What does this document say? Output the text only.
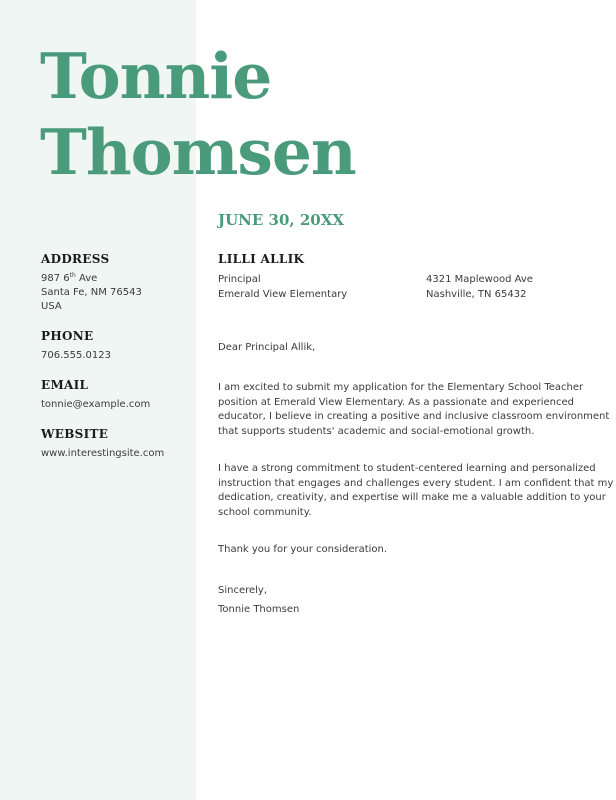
Tonnie
Thomsen
JUNE 30, 20XX
ADDRESS
987 6th Ave
Santa Fe, NM 76543
USA
PHONE
706.555.0123
EMAIL
tonnie@example.com
WEBSITE
www.interestingsite.com
LILLI ALLIK
Principal
Emerald View Elementary
4321 Maplewood Ave
Nashville, TN 65432

Dear Principal Allik,

I am excited to submit my application for the Elementary School Teacher
position at Emerald View Elementary. As a passionate and experienced
educator, I believe in creating a positive and inclusive classroom environment
that supports students' academic and social-emotional growth.
I have a strong commitment to student-centered learning and personalized
instruction that engages and challenges every student. I am confident that my
dedication, creativity, and expertise will make me a valuable addition to your
school community.

Thank you for your consideration.

Sincerely,

Tonnie Thomsen
